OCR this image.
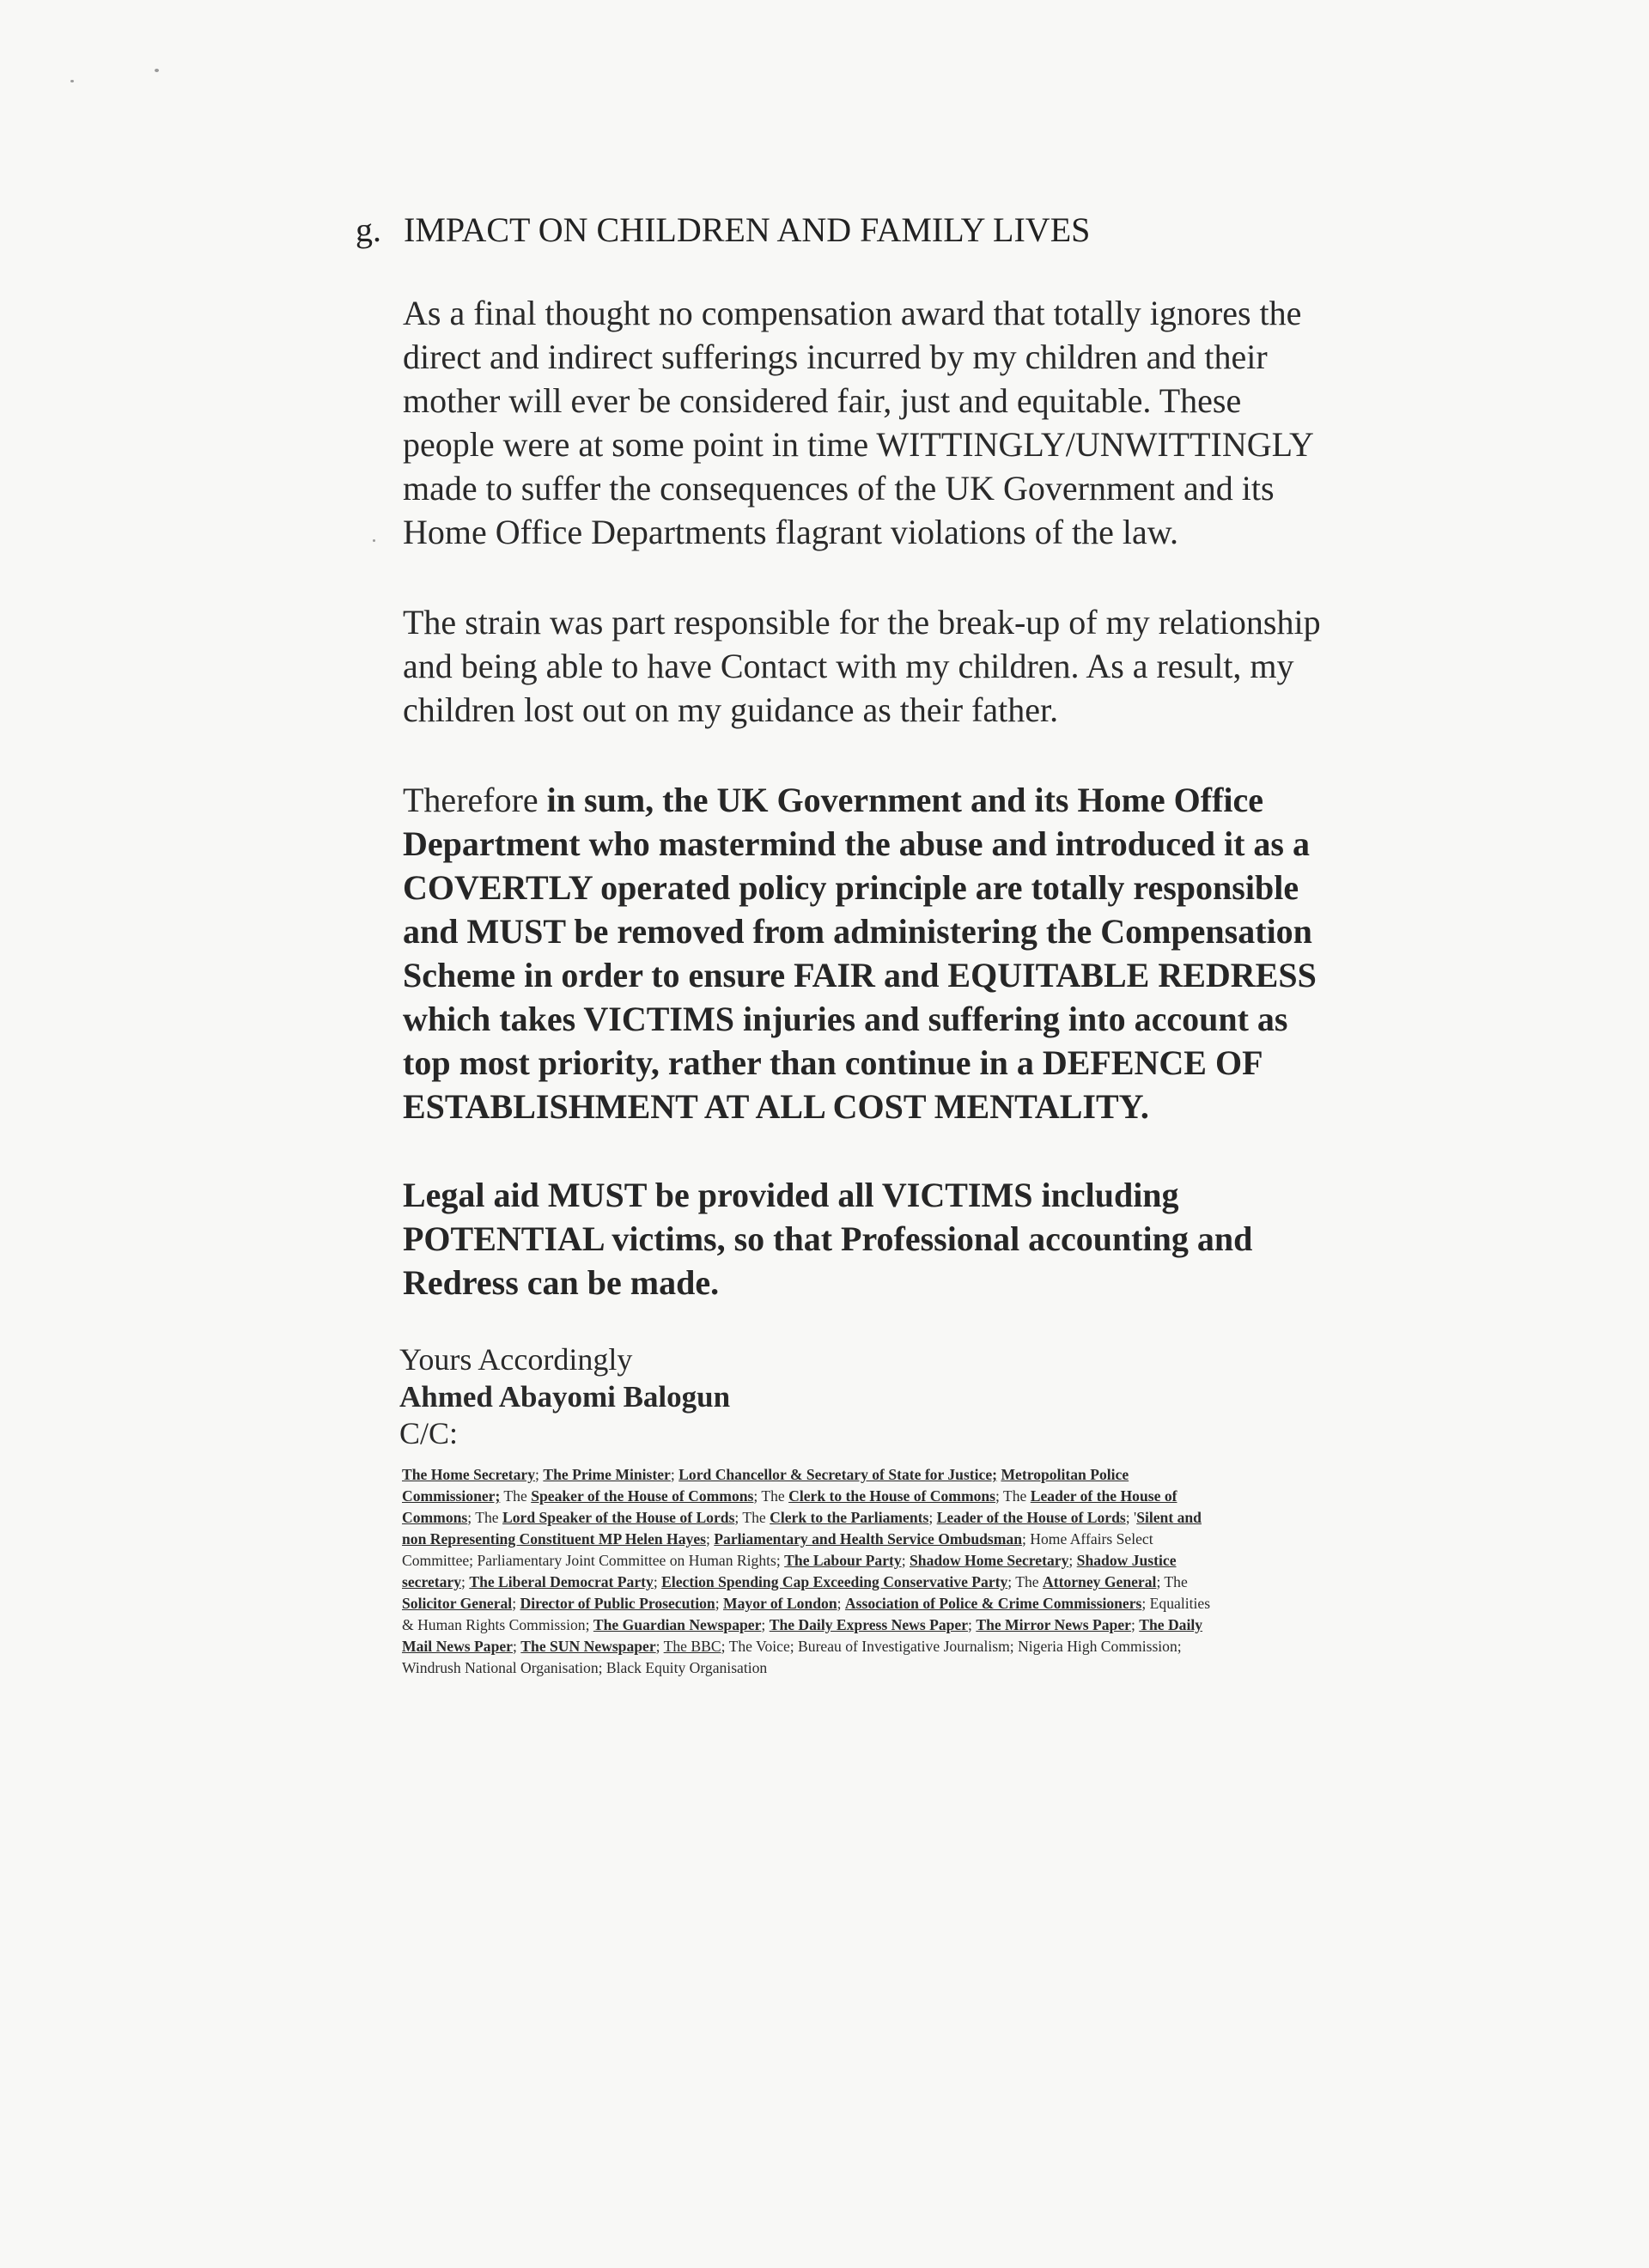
g. IMPACT ON CHILDREN AND FAMILY LIVES
As a final thought no compensation award that totally ignores the
direct and indirect sufferings incurred by my children and their
mother will ever be considered fair, just and equitable. These
people were at some point in time WITTINGLY/UNWITTINGLY
made to suffer the consequences of the UK Government and its
Home Office Departments flagrant violations of the law.
The strain was part responsible for the break-up of my relationship
and being able to have Contact with my children. As a result, my
children lost out on my guidance as their father.
Therefore in sum, the UK Government and its Home Office
Department who mastermind the abuse and introduced it as a
COVERTLY operated policy principle are totally responsible
and MUST be removed from administering the Compensation
Scheme in order to ensure FAIR and EQUITABLE REDRESS
which takes VICTIMS injuries and suffering into account as
top most priority, rather than continue in a DEFENCE OF
ESTABLISHMENT AT ALL COST MENTALITY.
Legal aid MUST be provided all VICTIMS including
POTENTIAL victims, so that Professional accounting and
Redress can be made.
Yours Accordingly
Ahmed Abayomi Balogun
C/C:
The Home Secretary; The Prime Minister; Lord Chancellor & Secretary of State for Justice; Metropolitan Police
Commissioner; The Speaker of the House of Commons; The Clerk to the House of Commons; The Leader of the House of
Commons; The Lord Speaker of the House of Lords; The Clerk to the Parliaments; Leader of the House of Lords; 'Silent and
non Representing Constituent MP Helen Hayes; Parliamentary and Health Service Ombudsman; Home Affairs Select
Committee; Parliamentary Joint Committee on Human Rights; The Labour Party; Shadow Home Secretary; Shadow Justice
secretary; The Liberal Democrat Party; Election Spending Cap Exceeding Conservative Party; The Attorney General; The
Solicitor General; Director of Public Prosecution; Mayor of London; Association of Police & Crime Commissioners; Equalities
& Human Rights Commission; The Guardian Newspaper; The Daily Express News Paper; The Mirror News Paper; The Daily
Mail News Paper; The SUN Newspaper; The BBC; The Voice; Bureau of Investigative Journalism; Nigeria High Commission;
Windrush National Organisation; Black Equity Organisation
